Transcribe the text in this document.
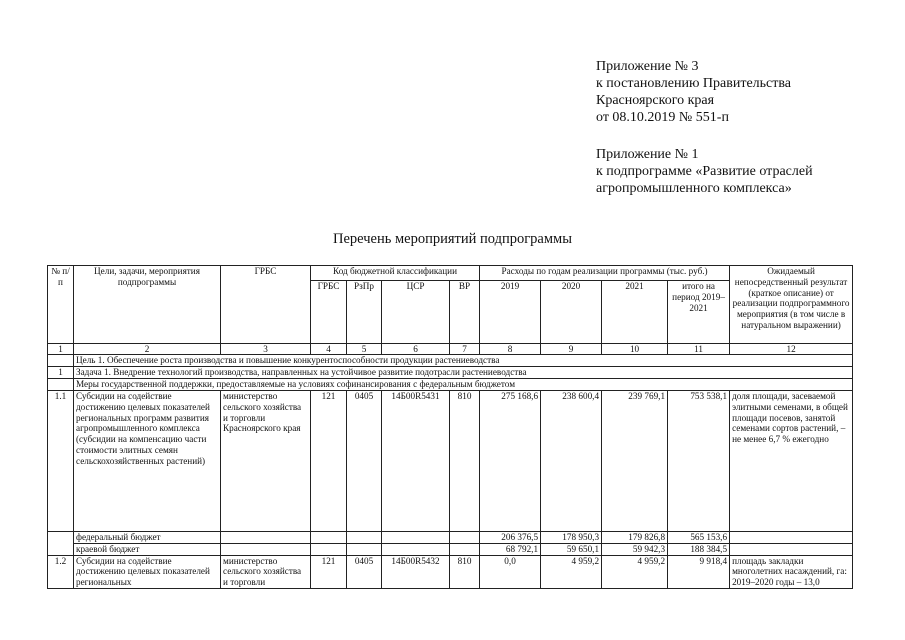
Приложение № 3
к постановлению Правительства
Красноярского края
от 08.10.2019 № 551-п
Приложение № 1
к подпрограмме «Развитие отраслей
агропромышленного комплекса»
Перечень мероприятий подпрограммы
№ п/п	Цели, задачи, мероприятия подпрограммы	ГРБС	Код бюджетной классификации				Расходы по годам реализации программы (тыс. руб.)				Ожидаемый непосредственный результат (краткое описание) от реализации подпрограммного мероприятия (в том числе в натуральном выражении)
			ГРБС	РзПр	ЦСР	ВР	2019	2020	2021	итого на период 2019–2021	
1	2	3	4	5	6	7	8	9	10	11	12
	Цель 1. Обеспечение роста производства и повышение конкурентоспособности продукции растениеводства										
1	Задача 1. Внедрение технологий производства, направленных на устойчивое развитие подотрасли растениеводства										
	Меры государственной поддержки, предоставляемые на условиях софинансирования с федеральным бюджетом										
1.1	Субсидии на содействие достижению целевых показателей региональных программ развития агропромышленного комплекса (субсидии на компенсацию части стоимости элитных семян сельскохозяйственных растений)	министерство сельского хозяйства и торговли Красноярского края	121	0405	14Б00R5431	810	275 168,6	238 600,4	239 769,1	753 538,1	доля площади, засеваемой элитными семенами, в общей площади посевов, занятой семенами сортов растений, – не менее 6,7 % ежегодно
	федеральный бюджет						206 376,5	178 950,3	179 826,8	565 153,6	
	краевой бюджет						68 792,1	59 650,1	59 942,3	188 384,5	
1.2	Субсидии на содействие достижению целевых показателей региональных	министерство сельского хозяйства и торговли	121	0405	14Б00R5432	810	0,0	4 959,2	4 959,2	9 918,4	площадь закладки многолетних насаждений, га: 2019–2020 годы – 13,0
